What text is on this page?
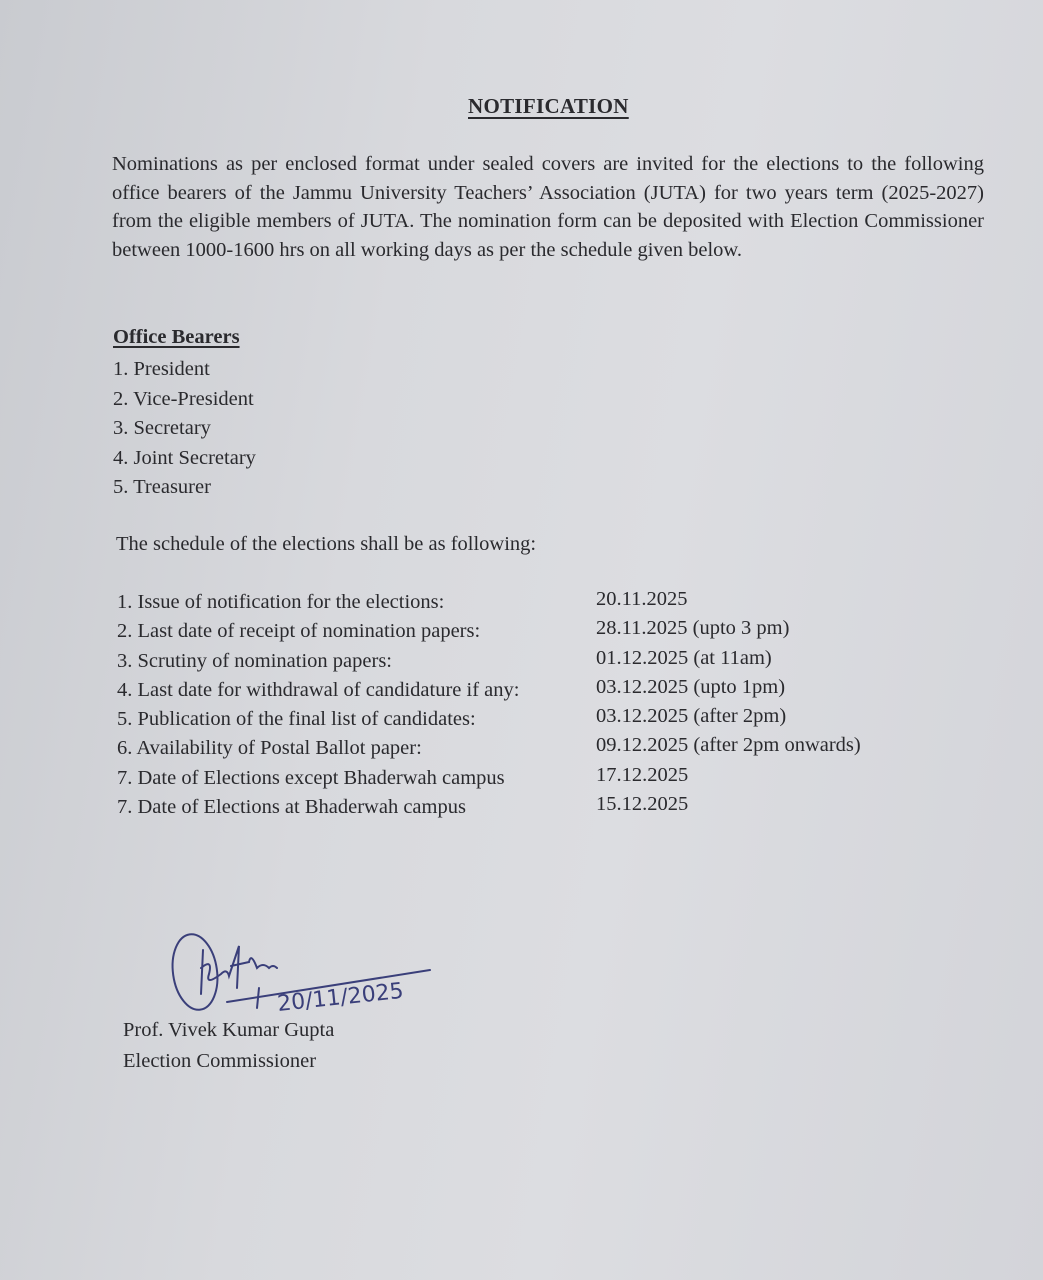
NOTIFICATION
Nominations as per enclosed format under sealed covers are invited for the elections to the following office bearers of the Jammu University Teachers’ Association (JUTA) for two years term (2025-2027) from the eligible members of JUTA. The nomination form can be deposited with Election Commissioner between 1000-1600 hrs on all working days as per the schedule given below.
Office Bearers
1. President
2. Vice-President
3. Secretary
4. Joint Secretary
5. Treasurer
The schedule of the elections shall be as following:
1. Issue of notification for the elections:	20.11.2025
2. Last date of receipt of nomination papers:	28.11.2025 (upto 3 pm)
3. Scrutiny of nomination papers:	01.12.2025 (at 11am)
4. Last date for withdrawal of candidature if any:	03.12.2025 (upto 1pm)
5. Publication of the final list of candidates:	03.12.2025 (after 2pm)
6. Availability of Postal Ballot paper:	09.12.2025 (after 2pm onwards)
7. Date of Elections except Bhaderwah campus	17.12.2025
7. Date of Elections at Bhaderwah campus	15.12.2025
20/11/2025
Prof. Vivek Kumar Gupta
Election Commissioner
